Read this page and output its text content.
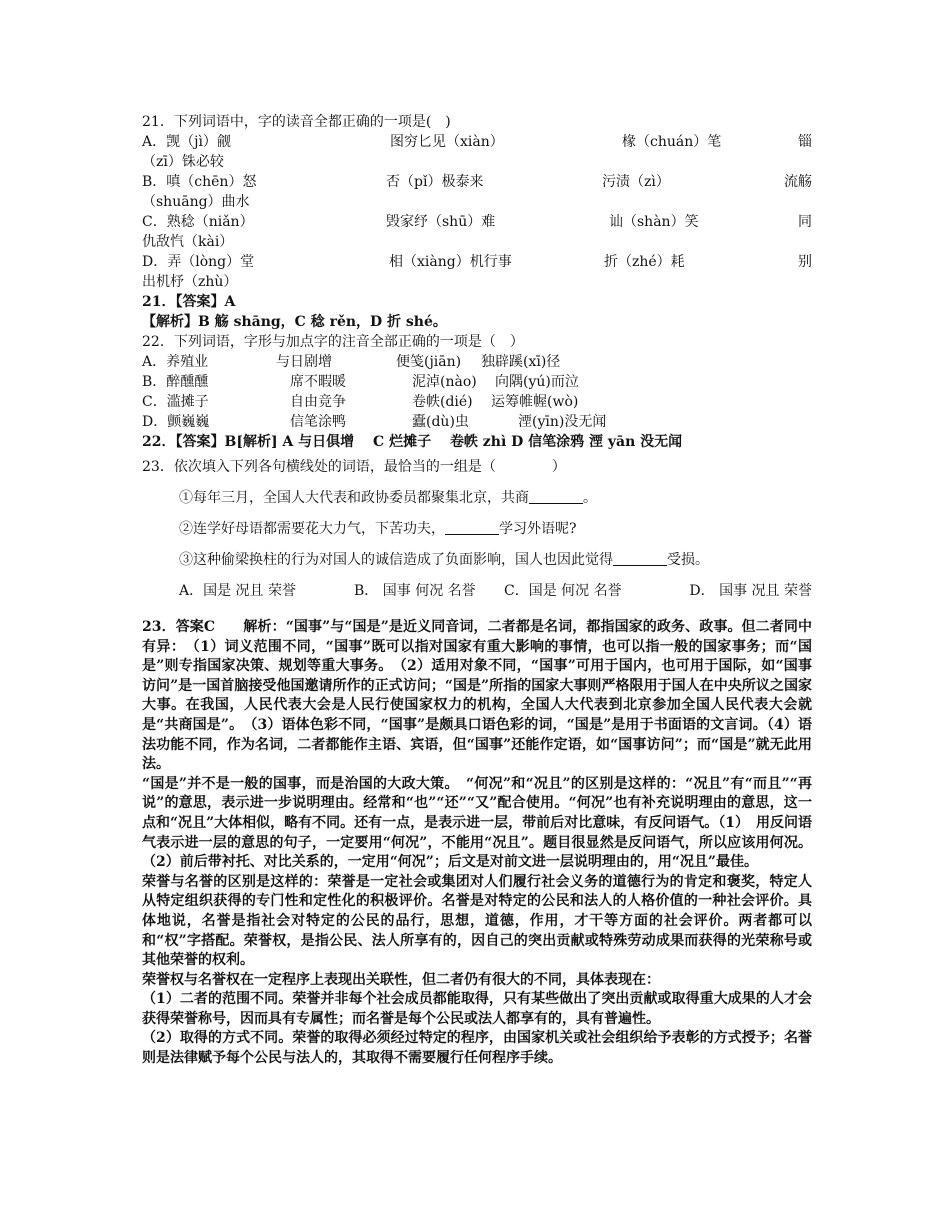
21．下列词语中，字的读音全都正确的一项是(　)
A．觊（jì）觎	图穷匕见（xiàn）	椽（chuán）笔	锱
（zī）铢必较
B．嗔（chēn）怒	否（pǐ）极泰来	污渍（zì）	流觞
（shuāng）曲水
C．熟稔（niǎn）	毁家纾（shū）难	讪（shàn）笑	同
仇敌忾（kài）
D．弄（lòng）堂	相（xiàng）机行事	折（zhé）耗	别
出机杼（zhù）
21．【答案】A
【解析】B 觞 shāng，C 稔 rěn，D 折 shé。
22．下列词语，字形与加点字的注音全部正确的一项是（　）
A．养殖业	与日剧增	便笺(jiān) 独辟蹊(xī)径
B．醉醺醺	席不暇暖	泥淖(nào) 向隅(yú)而泣
C．滥摊子	自由竞争	卷帙(dié) 运筹帷幄(wò)
D．颤巍巍	信笔涂鸭	蠹(dù)虫	湮(yīn)没无闻
22．【答案】B[解析] A 与日俱增　 C 烂摊子　 卷帙 zhì D 信笔涂鸦 湮 yān 没无闻
23．依次填入下列各句横线处的词语，最恰当的一组是（　　　　）
①每年三月，全国人大代表和政协委员都聚集北京，共商	。
②连学好母语都需要花大力气，下苦功夫，	学习外语呢?
③这种偷梁换柱的行为对国人的诚信造成了负面影响，国人也因此觉得	受损。
A．国是 况且 荣誉	B． 国事 何况 名誉 C．国是 何况 名誉	D． 国事 况且 荣誉

23．答案C　　解析：“国事”与“国是”是近义同音词，二者都是名词，都指国家的政务、政事。但二者同中有异：　（1）词义范围不同，“国事”既可以指对国家有重大影响的事情，也可以指一般的国家事务；而“国是”则专指国家决策、规划等重大事务。　（2）适用对象不同，“国事”可用于国内，也可用于国际，如“国事访问”是一国首脑接受他国邀请所作的正式访问；“国是”所指的国家大事则严格限用于国人在中央所议之国家大事。在我国，人民代表大会是人民行使国家权力的机构，全国人大代表到北京参加全国人民代表大会就是“共商国是”。　（3）语体色彩不同，“国事”是颇具口语色彩的词，“国是”是用于书面语的文言词。（4）语法功能不同，作为名词，二者都能作主语、宾语，但“国事”还能作定语，如“国事访问”；而“国是”就无此用法。

“国是”并不是一般的国事，而是治国的大政大策。　“何况”和“况且”的区别是这样的：“况且”有“而且”“再说”的意思，表示进一步说明理由。经常和“也”“还”“又”配合使用。“何况”也有补充说明理由的意思，这一点和“况且”大体相似，略有不同。还有一点，是表示进一层，带前后对比意味，有反问语气。（1）　用反问语气表示进一层的意思的句子，一定要用“何况”，不能用“况且”。题目很显然是反问语气，所以应该用何况。（2）前后带衬托、对比关系的，一定用“何况”；后文是对前文进一层说明理由的，用“况且”最佳。

荣誉与名誉的区别是这样的：荣誉是一定社会或集团对人们履行社会义务的道德行为的肯定和褒奖，特定人从特定组织获得的专门性和定性化的积极评价。名誉是对特定的公民和法人的人格价值的一种社会评价。具体地说，名誉是指社会对特定的公民的品行，思想，道德，作用，才干等方面的社会评价。两者都可以和“权”字搭配。荣誉权，是指公民、法人所享有的，因自己的突出贡献或特殊劳动成果而获得的光荣称号或其他荣誉的权利。

荣誉权与名誉权在一定程序上表现出关联性，但二者仍有很大的不同，具体表现在：

（1）二者的范围不同。荣誉并非每个社会成员都能取得，只有某些做出了突出贡献或取得重大成果的人才会获得荣誉称号，因而具有专属性；而名誉是每个公民或法人都享有的，具有普遍性。

（2）取得的方式不同。荣誉的取得必须经过特定的程序，由国家机关或社会组织给予表彰的方式授予；名誉则是法律赋予每个公民与法人的，其取得不需要履行任何程序手续。
